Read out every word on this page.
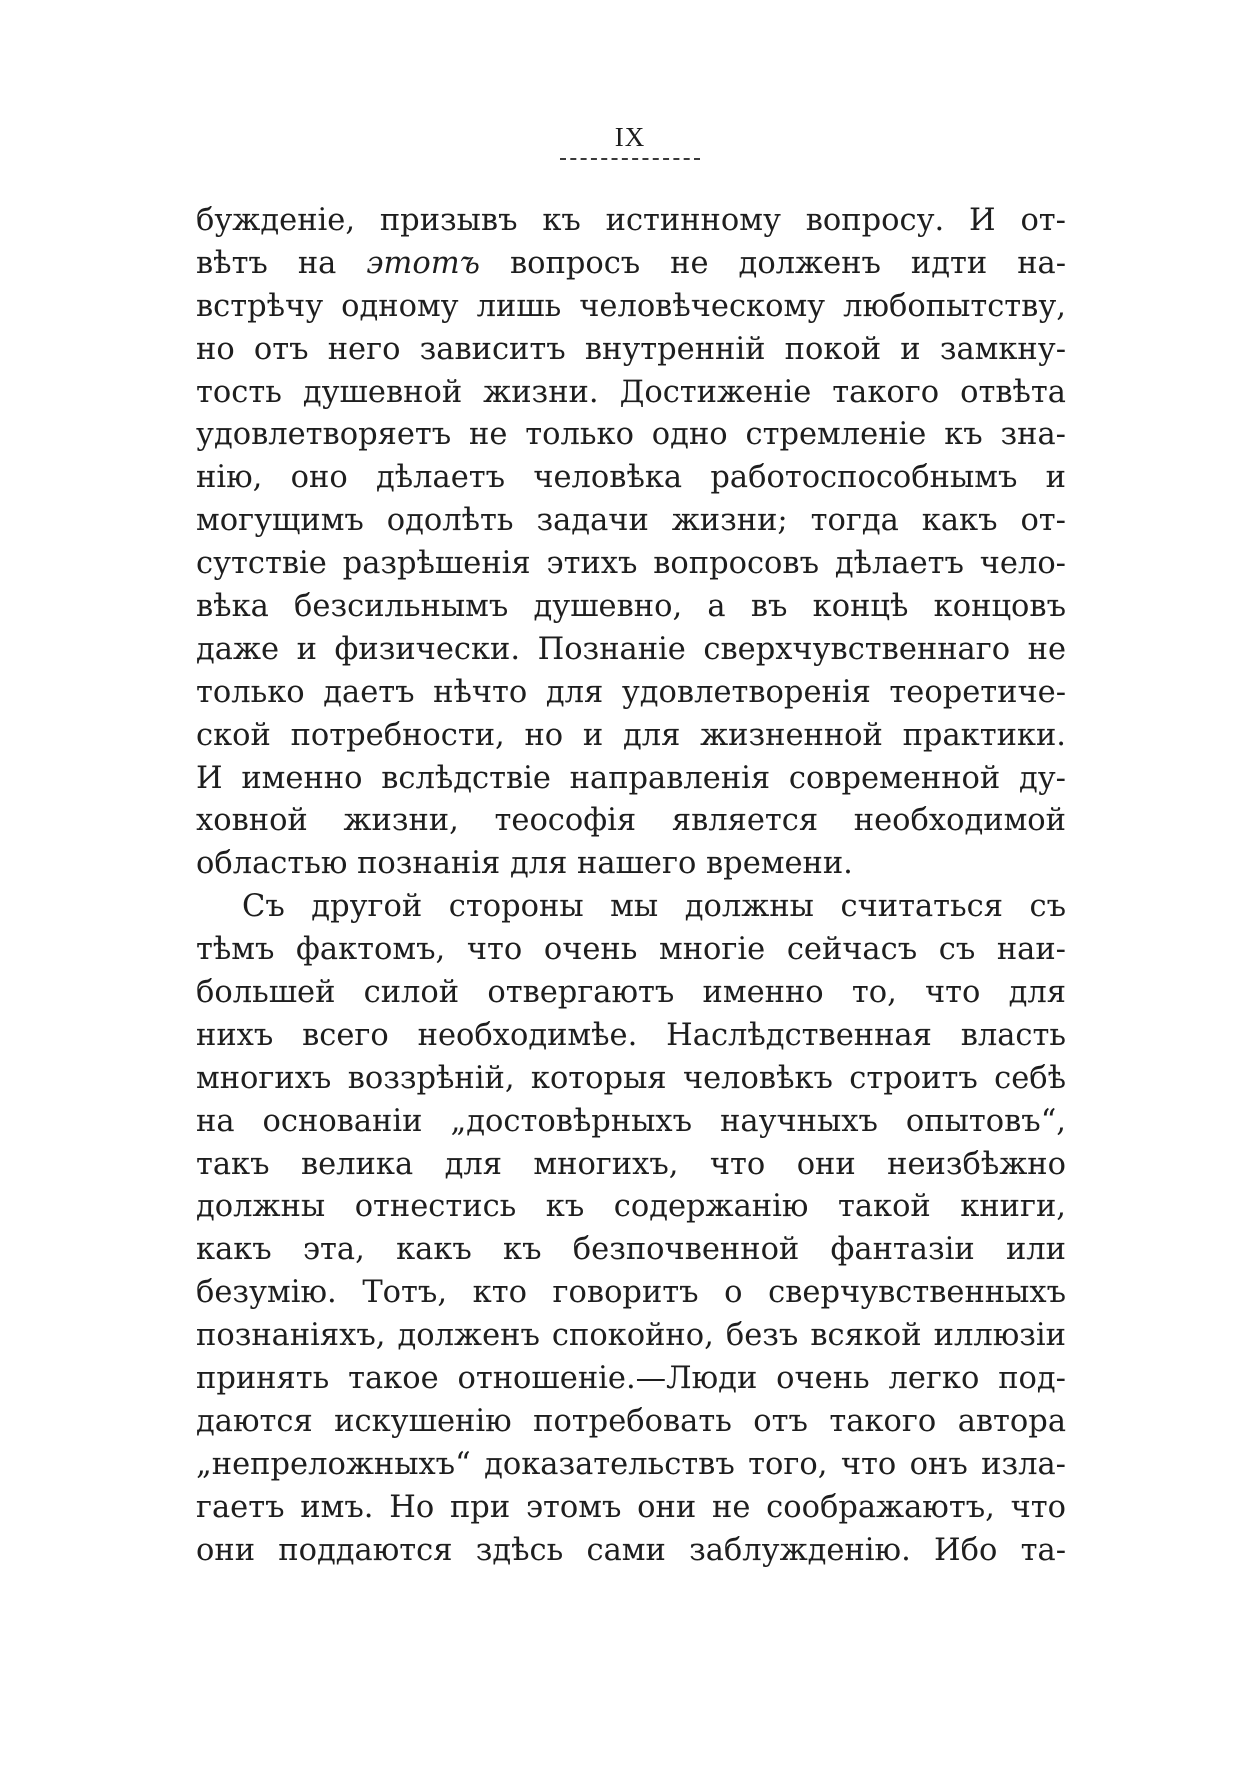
IX
бужденіе, призывъ къ истинному вопросу. И от-
вѣтъ на этотъ вопросъ не долженъ идти на-
встрѣчу одному лишь человѣческому любопытству,
но отъ него зависитъ внутренній покой и замкну-
тость душевной жизни. Достиженіе такого отвѣта
удовлетворяетъ не только одно стремленіе къ зна-
нію, оно дѣлаетъ человѣка работоспособнымъ и
могущимъ одолѣть задачи жизни; тогда какъ от-
сутствіе разрѣшенія этихъ вопросовъ дѣлаетъ чело-
вѣка безсильнымъ душевно, а въ концѣ концовъ
даже и физически. Познаніе сверхчувственнаго не
только даетъ нѣчто для удовлетворенія теоретиче-
ской потребности, но и для жизненной практики.
И именно вслѣдствіе направленія современной ду-
ховной жизни, теософія является необходимой
областью познанія для нашего времени.
Съ другой стороны мы должны считаться съ
тѣмъ фактомъ, что очень многіе сейчасъ съ наи-
большей силой отвергаютъ именно то, что для
нихъ всего необходимѣе. Наслѣдственная власть
многихъ воззрѣній, которыя человѣкъ строитъ себѣ
на основаніи „достовѣрныхъ научныхъ опытовъ“,
такъ велика для многихъ, что они неизбѣжно
должны отнестись къ содержанію такой книги,
какъ эта, какъ къ безпочвенной фантазіи или
безумію. Тотъ, кто говоритъ о сверчувственныхъ
познаніяхъ, долженъ спокойно, безъ всякой иллюзіи
принять такое отношеніе.—Люди очень легко под-
даются искушенію потребовать отъ такого автора
„непреложныхъ“ доказательствъ того, что онъ изла-
гаетъ имъ. Но при этомъ они не соображаютъ, что
они поддаются здѣсь сами заблужденію. Ибо та-
